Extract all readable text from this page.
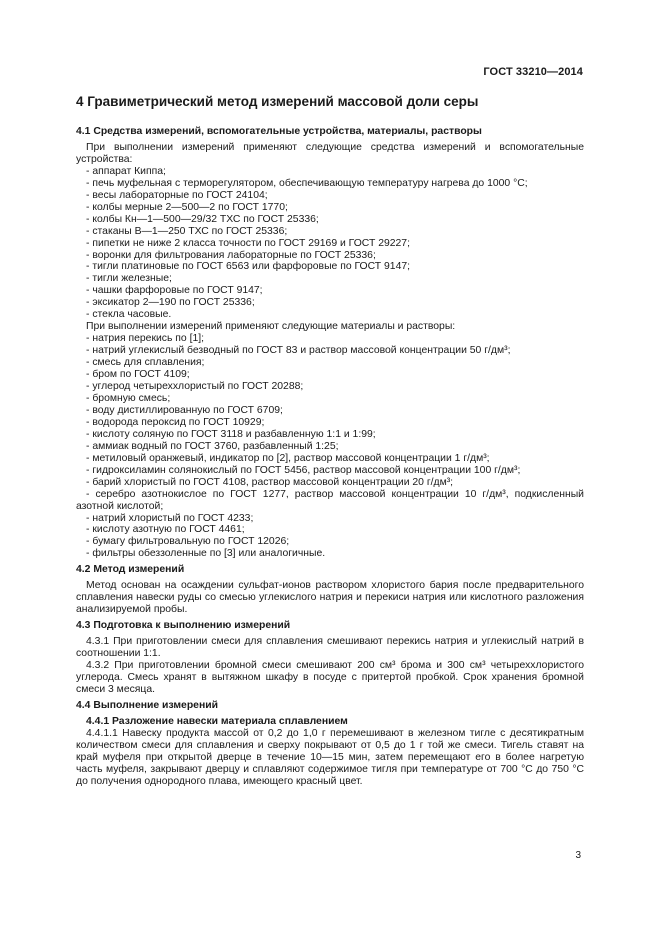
ГОСТ 33210—2014
4 Гравиметрический метод измерений массовой доли серы
4.1 Средства измерений, вспомогательные устройства, материалы, растворы

При выполнении измерений применяют следующие средства измерений и вспомогательные устройства:

- аппарат Киппа;
- печь муфельная с терморегулятором, обеспечивающую температуру нагрева до 1000 °С;
- весы лабораторные по ГОСТ 24104;
- колбы мерные 2—500—2 по ГОСТ 1770;
- колбы Кн—1—500—29/32 ТХС по ГОСТ 25336;
- стаканы В—1—250 ТХС по ГОСТ 25336;
- пипетки не ниже 2 класса точности по ГОСТ 29169 и ГОСТ 29227;
- воронки для фильтрования лабораторные по ГОСТ 25336;
- тигли платиновые по ГОСТ 6563 или фарфоровые по ГОСТ 9147;
- тигли железные;
- чашки фарфоровые по ГОСТ 9147;
- эксикатор 2—190 по ГОСТ 25336;
- стекла часовые.

При выполнении измерений применяют следующие материалы и растворы:

- натрия перекись по [1];
- натрий углекислый безводный по ГОСТ 83 и раствор массовой концентрации 50 г/дм³;
- смесь для сплавления;
- бром по ГОСТ 4109;
- углерод четыреххлористый по ГОСТ 20288;
- бромную смесь;
- воду дистиллированную по ГОСТ 6709;
- водорода пероксид по ГОСТ 10929;
- кислоту соляную по ГОСТ 3118 и разбавленную 1:1 и 1:99;
- аммиак водный по ГОСТ 3760, разбавленный 1:25;
- метиловый оранжевый, индикатор по [2], раствор массовой концентрации 1 г/дм³;
- гидроксиламин солянокислый по ГОСТ 5456, раствор массовой концентрации 100 г/дм³;
- барий хлористый по ГОСТ 4108, раствор массовой концентрации 20 г/дм³;
- серебро азотнокислое по ГОСТ 1277, раствор массовой концентрации 10 г/дм³, подкисленный азотной кислотой;
- натрий хлористый по ГОСТ 4233;
- кислоту азотную по ГОСТ 4461;
- бумагу фильтровальную по ГОСТ 12026;
- фильтры обеззоленные по [3] или аналогичные.
4.2 Метод измерений

Метод основан на осаждении сульфат-ионов раствором хлористого бария после предварительного сплавления навески руды со смесью углекислого натрия и перекиси натрия или кислотного разложения анализируемой пробы.

4.3 Подготовка к выполнению измерений

4.3.1 При приготовлении смеси для сплавления смешивают перекись натрия и углекислый натрий в соотношении 1:1.

4.3.2 При приготовлении бромной смеси смешивают 200 см³ брома и 300 см³ четыреххлористого углерода. Смесь хранят в вытяжном шкафу в посуде с притертой пробкой. Срок хранения бромной смеси 3 месяца.

4.4 Выполнение измерений
4.4.1 Разложение навески материала сплавлением

4.4.1.1 Навеску продукта массой от 0,2 до 1,0 г перемешивают в железном тигле с десятикратным количеством смеси для сплавления и сверху покрывают от 0,5 до 1 г той же смеси. Тигель ставят на край муфеля при открытой дверце в течение 10—15 мин, затем перемещают его в более нагретую часть муфеля, закрывают дверцу и сплавляют содержимое тигля при температуре от 700 °С до 750 °С до получения однородного плава, имеющего красный цвет.

3
